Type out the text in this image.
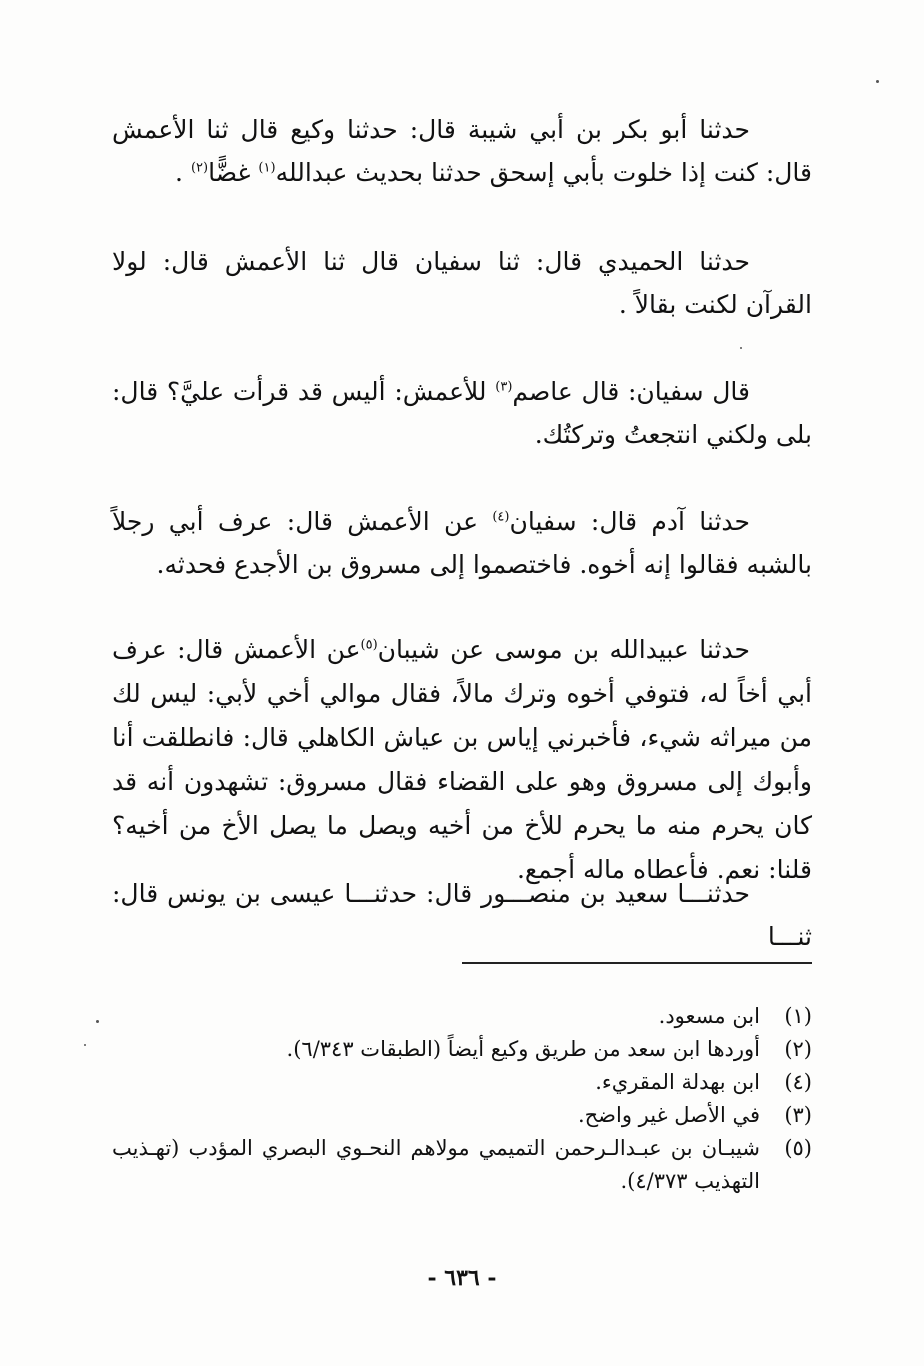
حدثنا أبو بكر بن أبي شيبة قال: حدثنا وكيع قال ثنا الأعمش قال: كنت إذا خلوت بأبي إسحق حدثنا بحديث عبدالله$^{(١)}$ غضًّا$^{(٢)}$ .

حدثنا الحميدي قال: ثنا سفيان قال ثنا الأعمش قال: لولا القرآن لكنت بقالاً .

قال سفيان: قال عاصم$^{(٣)}$ للأعمش: أليس قد قرأت عليَّ؟ قال: بلى ولكني انتجعتُ وتركتُك.

حدثنا آدم قال: سفيان$^{(٤)}$ عن الأعمش قال: عرف أبي رجلاً بالشبه فقالوا إنه أخوه. فاختصموا إلى مسروق بن الأجدع فحدثه.

حدثنا عبيدالله بن موسى عن شيبان$^{(٥)}$عن الأعمش قال: عرف أبي أخاً له، فتوفي أخوه وترك مالاً، فقال موالي أخي لأبي: ليس لك من ميراثه شيء، فأخبرني إياس بن عياش الكاهلي قال: فانطلقت أنا وأبوك إلى مسروق وهو على القضاء فقال مسروق: تشهدون أنه قد كان يحرم منه ما يحرم للأخ من أخيه ويصل ما يصل الأخ من أخيه؟ قلنا: نعم. فأعطاه ماله أجمع.

حدثنـــا سعيد بن منصـــور قال: حدثنـــا عيسى بن يونس قال: ثنـــا

(١)
ابن مسعود.
(٢)
أوردها ابن سعد من طريق وكيع أيضاً (الطبقات ٦/٣٤٣).
(٤)
ابن بهدلة المقريء.
(٣)
في الأصل غير واضح.
(٥)
شيبـان بن عبـدالـرحمن التميمي مولاهم النحـوي البصري المؤدب (تهـذيب التهذيب ٤/٣٧٣).
- ٦٣٦ -
